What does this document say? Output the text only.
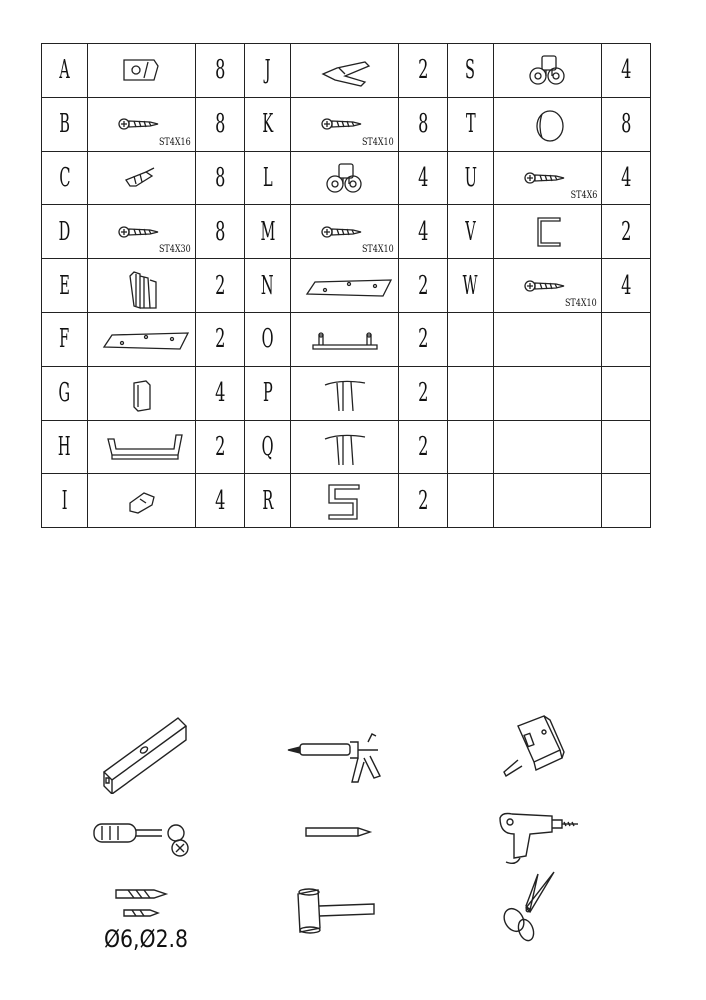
A		8	J		2	S		4
B	ST4X16	8	K	ST4X10	8	T		8
C		8	L		4	U	ST4X6	4
D	ST4X30	8	M	ST4X10	4	V		2
E		2	N		2	W	ST4X10	4
F		2	O		2		

G		4	P		2		

H		2	Q		2		

I		4	R		2		

Ø6,Ø2.8
